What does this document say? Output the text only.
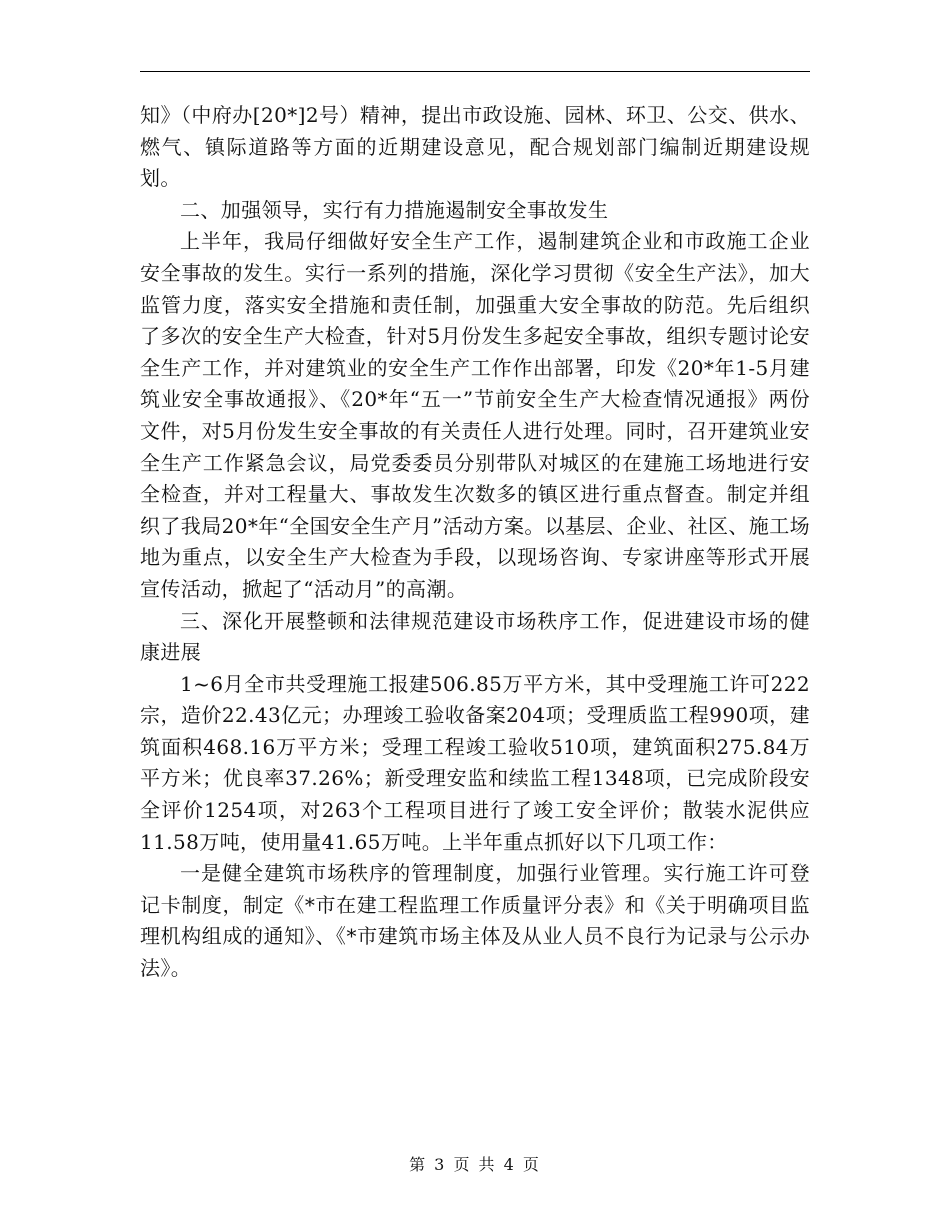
知》（中府办[20*]2号）精神，提出市政设施、园林、环卫、公交、供水、燃气、镇际道路等方面的近期建设意见，配合规划部门编制近期建设规划。

二、加强领导，实行有力措施遏制安全事故发生

上半年，我局仔细做好安全生产工作，遏制建筑企业和市政施工企业安全事故的发生。实行一系列的措施，深化学习贯彻《安全生产法》，加大监管力度，落实安全措施和责任制，加强重大安全事故的防范。先后组织了多次的安全生产大检查，针对5月份发生多起安全事故，组织专题讨论安全生产工作，并对建筑业的安全生产工作作出部署，印发《20*年1-5月建筑业安全事故通报》、《20*年“五一”节前安全生产大检查情况通报》两份文件，对5月份发生安全事故的有关责任人进行处理。同时，召开建筑业安全生产工作紧急会议，局党委委员分别带队对城区的在建施工场地进行安全检查，并对工程量大、事故发生次数多的镇区进行重点督查。制定并组织了我局20*年“全国安全生产月”活动方案。以基层、企业、社区、施工场地为重点，以安全生产大检查为手段，以现场咨询、专家讲座等形式开展宣传活动，掀起了“活动月”的高潮。

三、深化开展整顿和法律规范建设市场秩序工作，促进建设市场的健康进展

1~6月全市共受理施工报建506.85万平方米，其中受理施工许可222宗，造价22.43亿元；办理竣工验收备案204项；受理质监工程990项，建筑面积468.16万平方米；受理工程竣工验收510项，建筑面积275.84万平方米；优良率37.26%；新受理安监和续监工程1348项，已完成阶段安全评价1254项，对263个工程项目进行了竣工安全评价；散装水泥供应11.58万吨，使用量41.65万吨。上半年重点抓好以下几项工作：

一是健全建筑市场秩序的管理制度，加强行业管理。实行施工许可登记卡制度，制定《*市在建工程监理工作质量评分表》和《关于明确项目监理机构组成的通知》、《*市建筑市场主体及从业人员不良行为记录与公示办法》。

第 3 页 共 4 页
